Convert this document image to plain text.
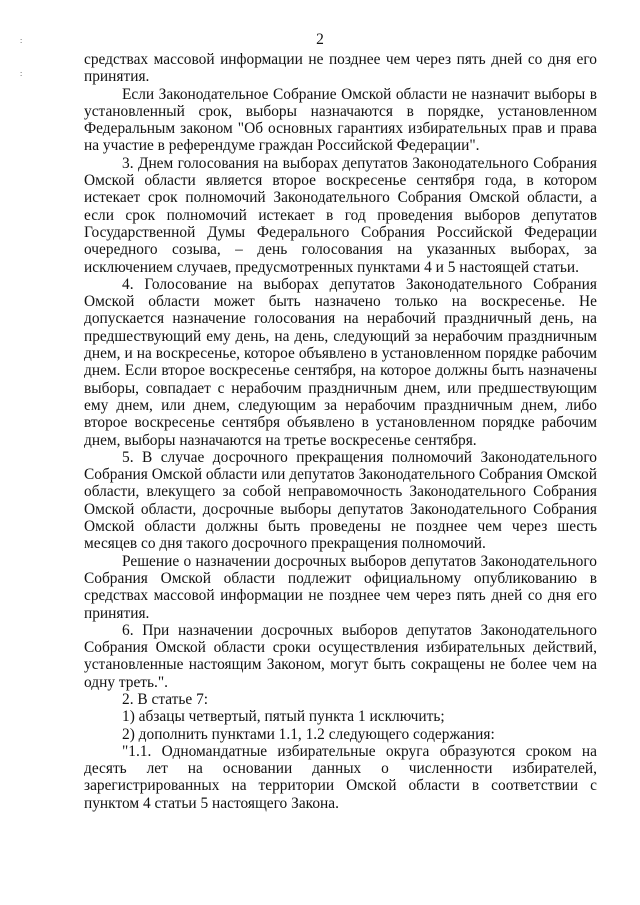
2
:
:

средствах массовой информации не позднее чем через пять дней со дня его принятия.

Если Законодательное Собрание Омской области не назначит выборы в установленный срок, выборы назначаются в порядке, установленном Федеральным законом "Об основных гарантиях избирательных прав и права на участие в референдуме граждан Российской Федерации".

3. Днем голосования на выборах депутатов Законодательного Собрания Омской области является второе воскресенье сентября года, в котором истекает срок полномочий Законодательного Собрания Омской области, а если срок полномочий истекает в год проведения выборов депутатов Государственной Думы Федерального Собрания Российской Федерации очередного созыва, – день голосования на указанных выборах, за исключением случаев, предусмотренных пунктами 4 и 5 настоящей статьи.

4. Голосование на выборах депутатов Законодательного Собрания Омской области может быть назначено только на воскресенье. Не допускается назначение голосования на нерабочий праздничный день, на предшествующий ему день, на день, следующий за нерабочим праздничным днем, и на воскресенье, которое объявлено в установленном порядке рабочим днем. Если второе воскресенье сентября, на которое должны быть назначены выборы, совпадает с нерабочим праздничным днем, или предшествующим ему днем, или днем, следующим за нерабочим праздничным днем, либо второе воскресенье сентября объявлено в установленном порядке рабочим днем, выборы назначаются на третье воскресенье сентября.

5. В случае досрочного прекращения полномочий Законодательного Собрания Омской области или депутатов Законодательного Собрания Омской области, влекущего за собой неправомочность Законодательного Собрания Омской области, досрочные выборы депутатов Законодательного Собрания Омской области должны быть проведены не позднее чем через шесть месяцев со дня такого досрочного прекращения полномочий.

Решение о назначении досрочных выборов депутатов Законодательного Собрания Омской области подлежит официальному опубликованию в средствах массовой информации не позднее чем через пять дней со дня его принятия.

6. При назначении досрочных выборов депутатов Законодательного Собрания Омской области сроки осуществления избирательных действий, установленные настоящим Законом, могут быть сокращены не более чем на одну треть.".

2. В статье 7:

1) абзацы четвертый, пятый пункта 1 исключить;

2) дополнить пунктами 1.1, 1.2 следующего содержания:

"1.1. Одномандатные избирательные округа образуются сроком на десять лет на основании данных о численности избирателей, зарегистрированных на территории Омской области в соответствии с пунктом 4 статьи 5 настоящего Закона.
